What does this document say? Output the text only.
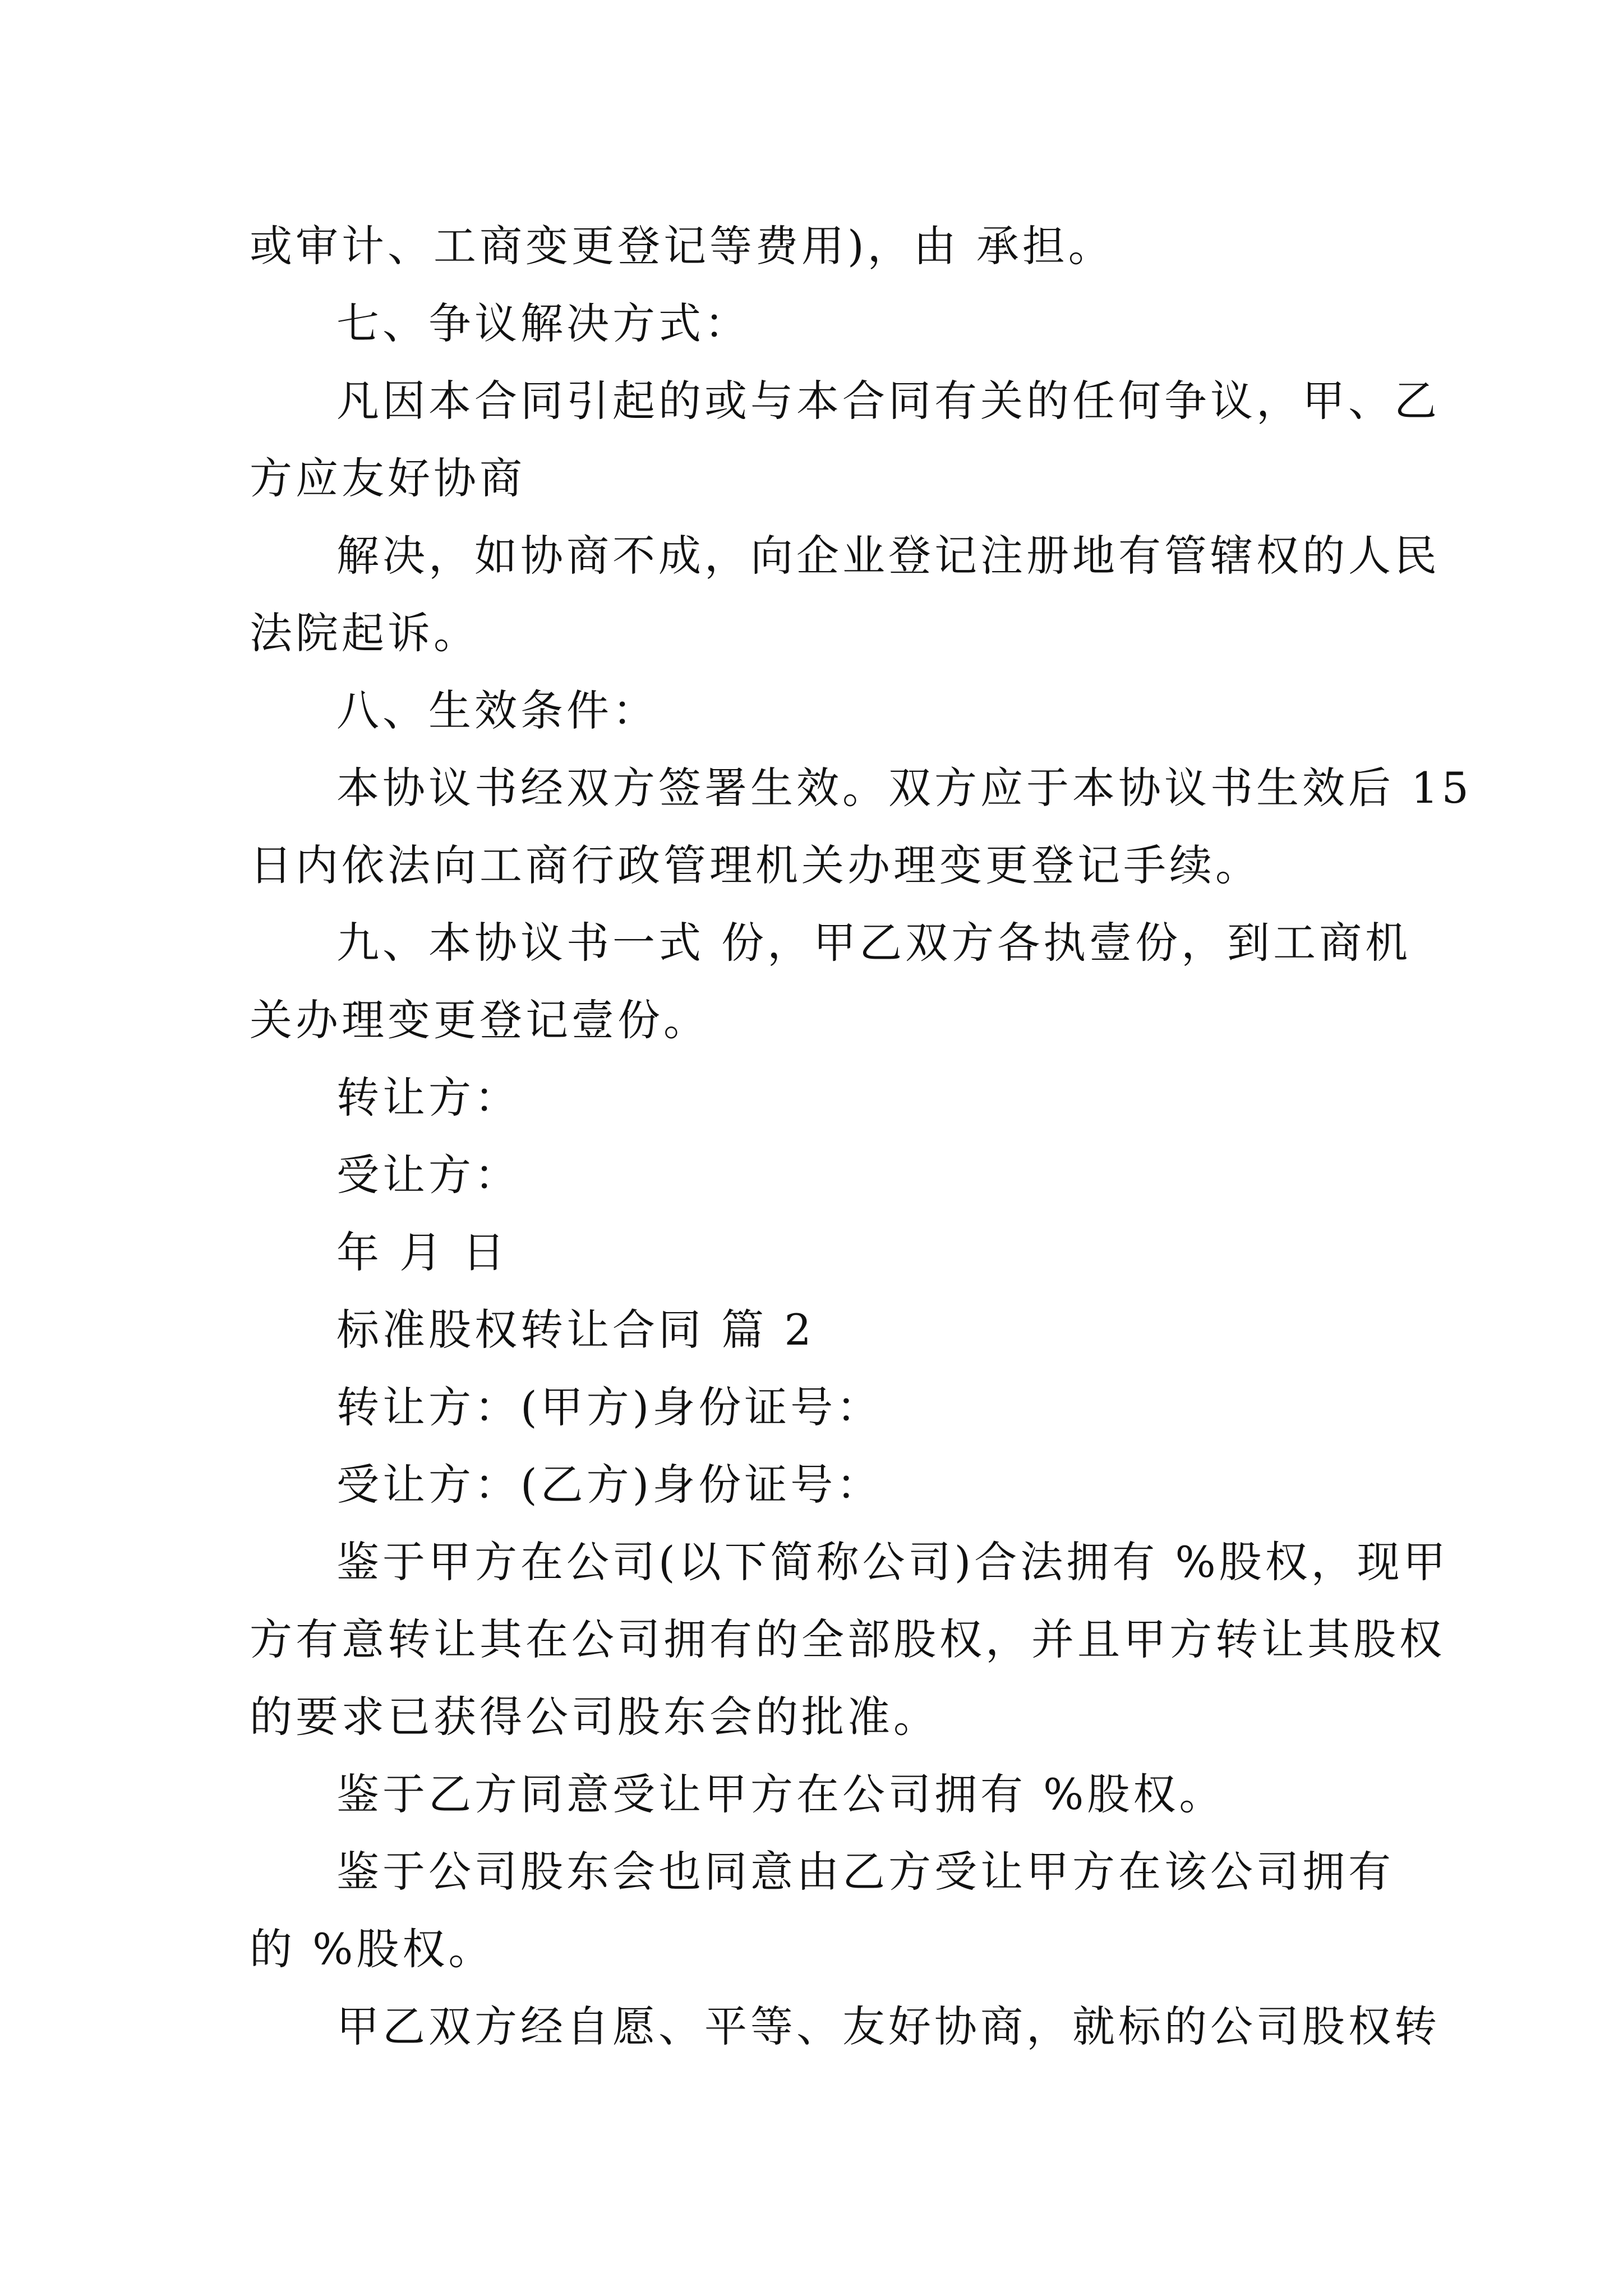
或审计、工商变更登记等费用)，由 承担。
七、争议解决方式：
凡因本合同引起的或与本合同有关的任何争议，甲、乙
方应友好协商
解决，如协商不成，向企业登记注册地有管辖权的人民
法院起诉。
八、生效条件：
本协议书经双方签署生效。双方应于本协议书生效后 15
日内依法向工商行政管理机关办理变更登记手续。
九、本协议书一式 份，甲乙双方各执壹份，到工商机
关办理变更登记壹份。
转让方：
受让方：
年 月 日
标准股权转让合同 篇 2
转让方：(甲方)身份证号：
受让方：(乙方)身份证号：
鉴于甲方在公司(以下简称公司)合法拥有 %股权，现甲
方有意转让其在公司拥有的全部股权，并且甲方转让其股权
的要求已获得公司股东会的批准。
鉴于乙方同意受让甲方在公司拥有 %股权。
鉴于公司股东会也同意由乙方受让甲方在该公司拥有
的 %股权。
甲乙双方经自愿、平等、友好协商，就标的公司股权转
